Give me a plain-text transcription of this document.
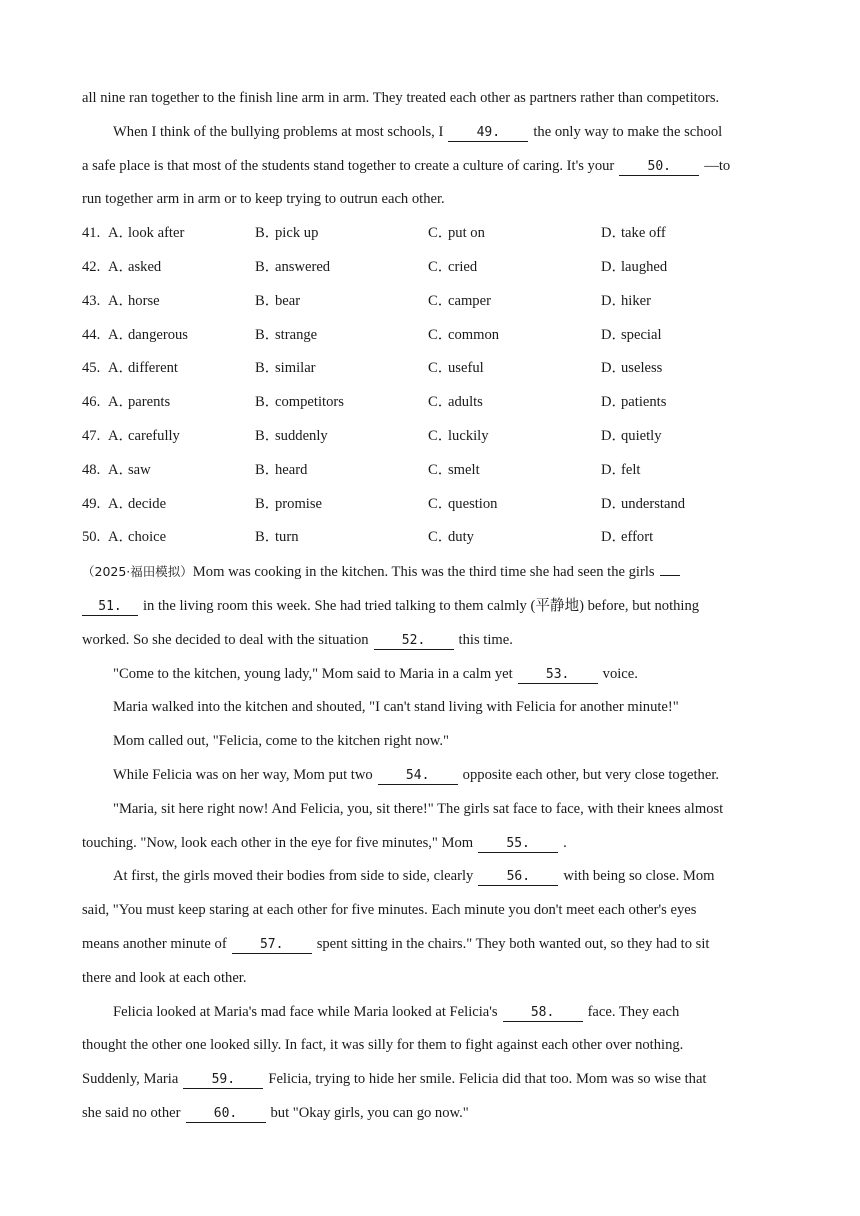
all nine ran together to the finish line arm in arm. They treated each other as partners rather than competitors.
When I think of the bullying problems at most schools, I	49. the only way to make the school
a safe place is that most of the students stand together to create a culture of caring. It's your	50. —to
run together arm in arm or to keep trying to outrun each other.
41. A．look after	B．pick up	C．put on	D．take off
42. A．asked	B．answered	C．cried	D．laughed
43. A．horse	B．bear	C．camper	D．hiker
44. A．dangerous	B．strange	C．common	D．special
45. A．different	B．similar	C．useful	D．useless
46. A．parents	B．competitors	C．adults	D．patients
47. A．carefully	B．suddenly	C．luckily	D．quietly
48. A．saw	B．heard	C．smelt	D．felt
49. A．decide	B．promise	C．question	D．understand
50. A．choice	B．turn	C．duty	D．effort
（2025·福田模拟）Mom was cooking in the kitchen. This was the third time she had seen the girls
51. in the living room this week. She had tried talking to them calmly (平静地) before, but nothing
worked. So she decided to deal with the situation	52. this time.
"Come to the kitchen, young lady," Mom said to Maria in a calm yet	53. voice.
Maria walked into the kitchen and shouted, "I can't stand living with Felicia for another minute!"
Mom called out, "Felicia, come to the kitchen right now."
While Felicia was on her way, Mom put two	54. opposite each other, but very close together.
"Maria, sit here right now! And Felicia, you, sit there!" The girls sat face to face, with their knees almost
touching. "Now, look each other in the eye for five minutes," Mom	55. .
At first, the girls moved their bodies from side to side, clearly	56. with being so close. Mom
said, "You must keep staring at each other for five minutes. Each minute you don't meet each other's eyes
means another minute of	57. spent sitting in the chairs." They both wanted out, so they had to sit
there and look at each other.
Felicia looked at Maria's mad face while Maria looked at Felicia's	58. face. They each
thought the other one looked silly. In fact, it was silly for them to fight against each other over nothing.
Suddenly, Maria	59. Felicia, trying to hide her smile. Felicia did that too. Mom was so wise that
she said no other	60. but "Okay girls, you can go now."
